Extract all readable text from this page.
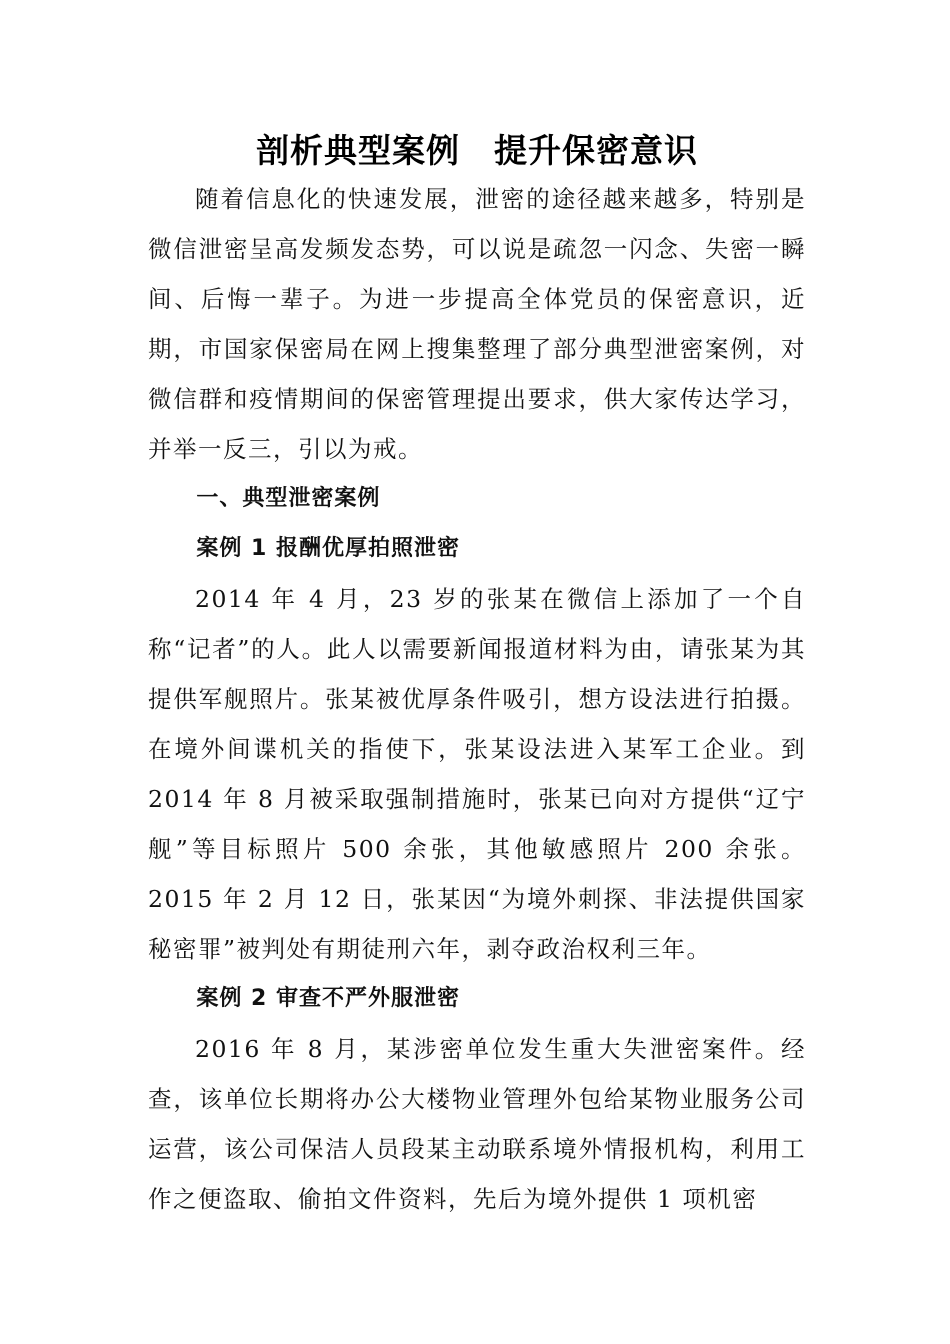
剖析典型案例　提升保密意识

随着信息化的快速发展，泄密的途径越来越多，特别是微信泄密呈高发频发态势，可以说是疏忽一闪念、失密一瞬间、后悔一辈子。为进一步提高全体党员的保密意识，近期，市国家保密局在网上搜集整理了部分典型泄密案例，对微信群和疫情期间的保密管理提出要求，供大家传达学习，并举一反三，引以为戒。

一、典型泄密案例
案例 1 报酬优厚拍照泄密

2014 年 4 月，23 岁的张某在微信上添加了一个自称“记者”的人。此人以需要新闻报道材料为由，请张某为其提供军舰照片。张某被优厚条件吸引，想方设法进行拍摄。在境外间谍机关的指使下，张某设法进入某军工企业。到 2014 年 8 月被采取强制措施时，张某已向对方提供“辽宁舰”等目标照片 500 余张，其他敏感照片 200 余张。2015 年 2 月 12 日，张某因“为境外刺探、非法提供国家秘密罪”被判处有期徒刑六年，剥夺政治权利三年。

案例 2 审查不严外服泄密

2016 年 8 月，某涉密单位发生重大失泄密案件。经查，该单位长期将办公大楼物业管理外包给某物业服务公司运营，该公司保洁人员段某主动联系境外情报机构，利用工作之便盗取、偷拍文件资料，先后为境外提供 1 项机密
